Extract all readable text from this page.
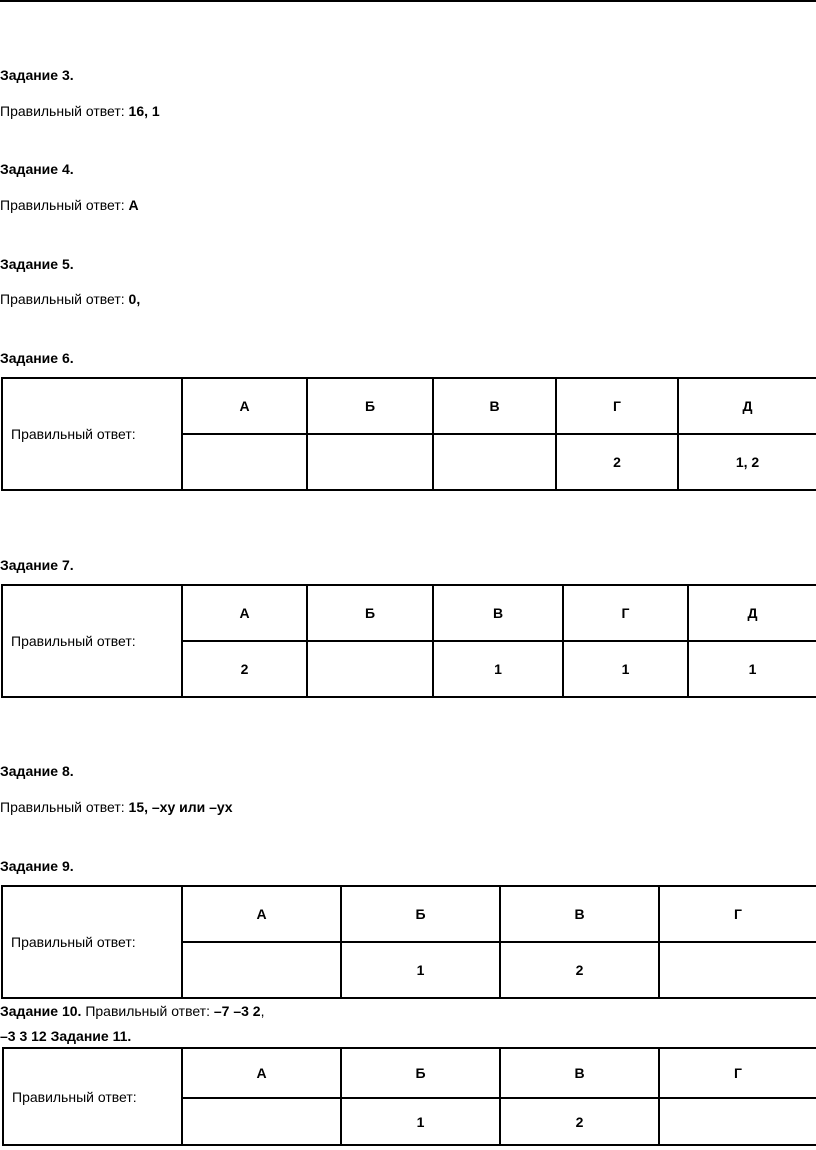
Задание 3.
Правильный ответ: 16, 1
Задание 4.
Правильный ответ: А
Задание 5.
Правильный ответ: 0,
Задание 6.
Правильный ответ:	А	Б	В	Г	Д
				2	1, 2
Задание 7.
Правильный ответ:	А	Б	В	Г	Д
	2		1	1	1
Задание 8.
Правильный ответ: 15, –xy или –yx
Задание 9.
Правильный ответ:	А	Б	В	Г
		1	2	
Задание 10. Правильный ответ: –7 –3 2,
–3 3 12 Задание 11.
Правильный ответ:	А	Б	В	Г
		1	2	
